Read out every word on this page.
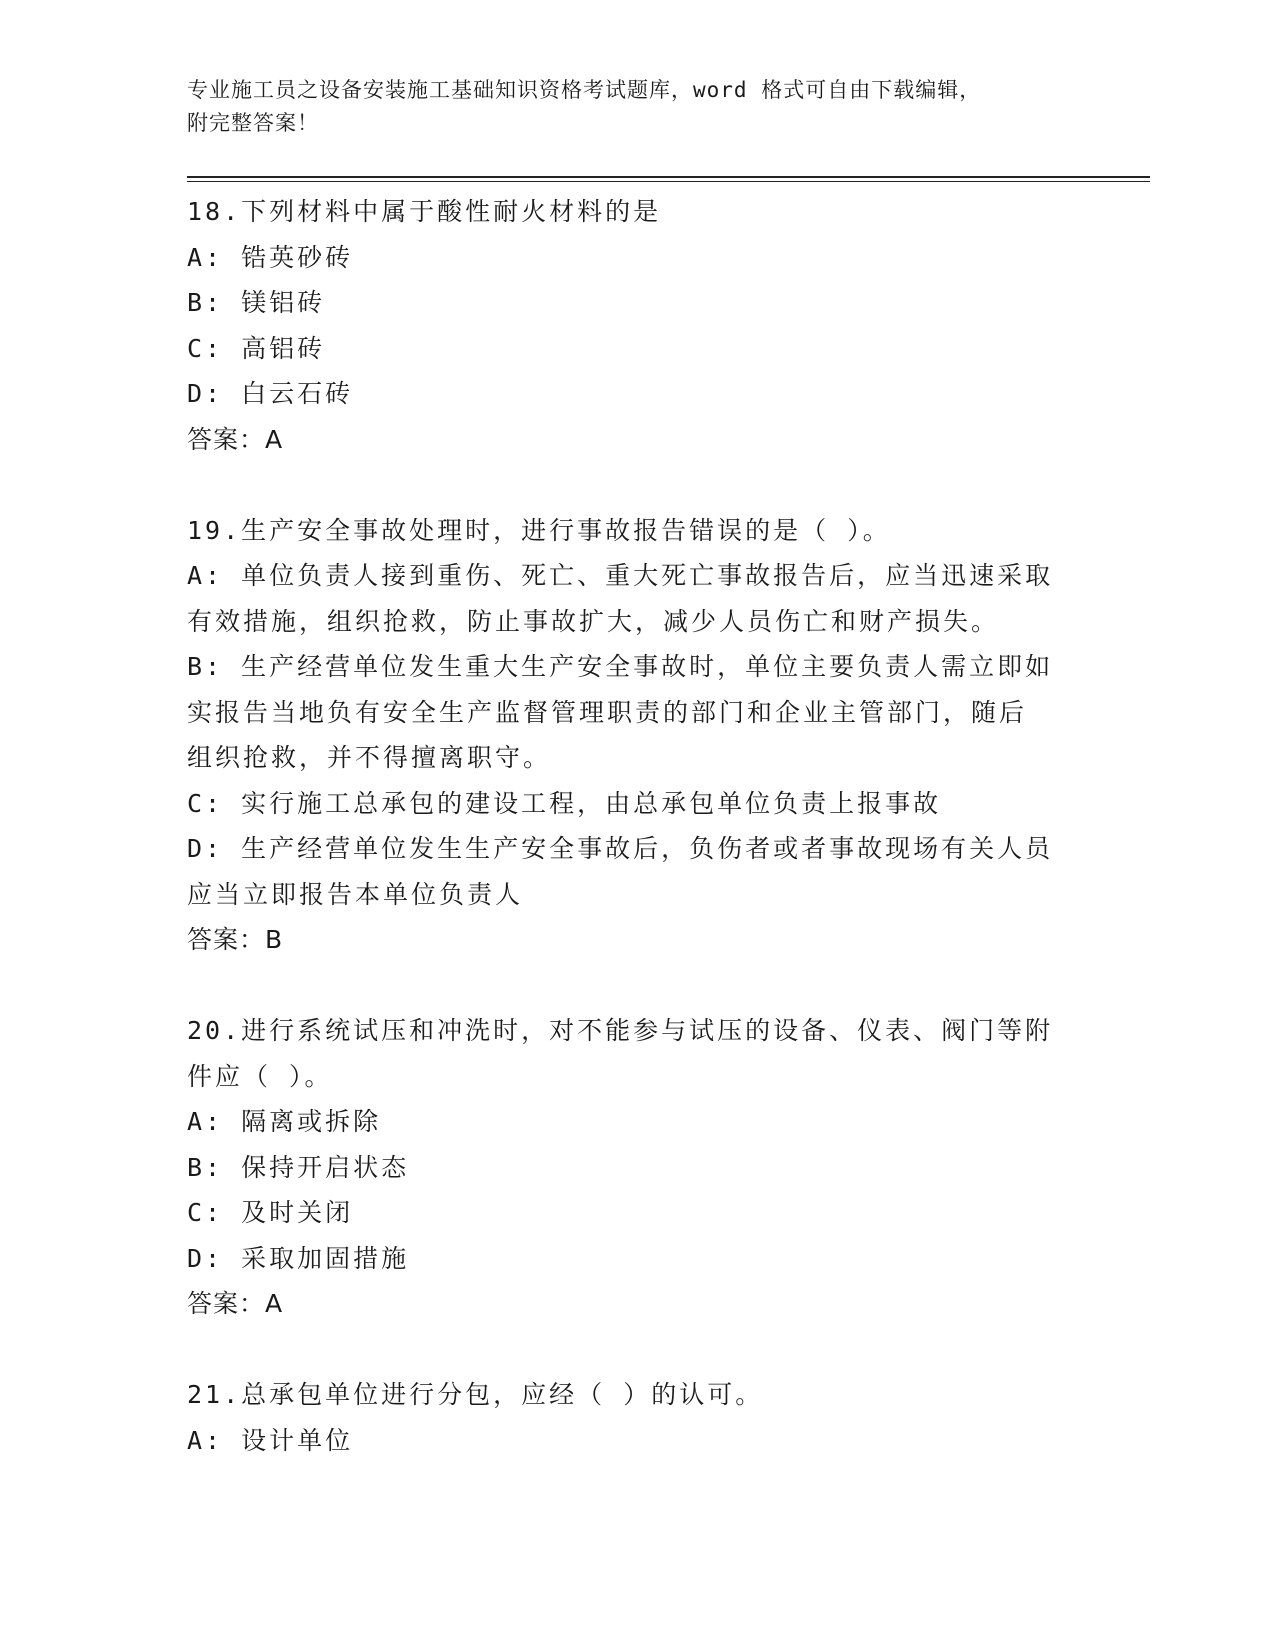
专业施工员之设备安装施工基础知识资格考试题库，word 格式可自由下载编辑，
附完整答案！
18.下列材料中属于酸性耐火材料的是
A: 锆英砂砖
B: 镁铝砖
C: 高铝砖
D: 白云石砖
答案：A
19.生产安全事故处理时，进行事故报告错误的是（ ）。
A: 单位负责人接到重伤、死亡、重大死亡事故报告后，应当迅速采取
有效措施，组织抢救，防止事故扩大，减少人员伤亡和财产损失。
B: 生产经营单位发生重大生产安全事故时，单位主要负责人需立即如
实报告当地负有安全生产监督管理职责的部门和企业主管部门，随后
组织抢救，并不得擅离职守。
C: 实行施工总承包的建设工程，由总承包单位负责上报事故
D: 生产经营单位发生生产安全事故后，负伤者或者事故现场有关人员
应当立即报告本单位负责人
答案：B
20.进行系统试压和冲洗时，对不能参与试压的设备、仪表、阀门等附
件应（ ）。
A: 隔离或拆除
B: 保持开启状态
C: 及时关闭
D: 采取加固措施
答案：A
21.总承包单位进行分包，应经（ ）的认可。
A: 设计单位
